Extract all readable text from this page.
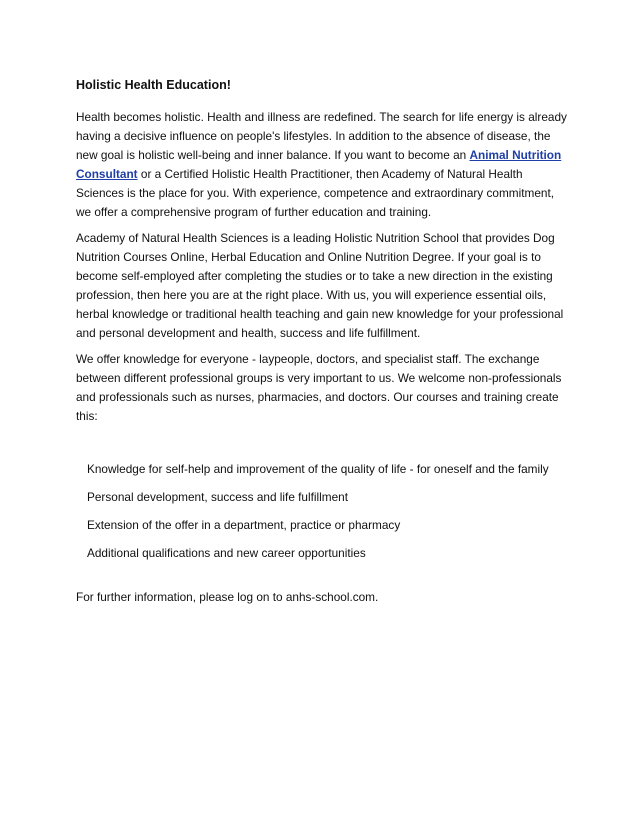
Holistic Health Education!

Health becomes holistic. Health and illness are redefined. The search for life energy is already having a decisive influence on people's lifestyles. In addition to the absence of disease, the new goal is holistic well-being and inner balance. If you want to become an Animal Nutrition Consultant or a Certified Holistic Health Practitioner, then Academy of Natural Health Sciences is the place for you. With experience, competence and extraordinary commitment, we offer a comprehensive program of further education and training.

Academy of Natural Health Sciences is a leading Holistic Nutrition School that provides Dog Nutrition Courses Online, Herbal Education and Online Nutrition Degree. If your goal is to become self-employed after completing the studies or to take a new direction in the existing profession, then here you are at the right place. With us, you will experience essential oils, herbal knowledge or traditional health teaching and gain new knowledge for your professional and personal development and health, success and life fulfillment.

We offer knowledge for everyone - laypeople, doctors, and specialist staff. The exchange between different professional groups is very important to us. We welcome non-professionals and professionals such as nurses, pharmacies, and doctors. Our courses and training create this:

Knowledge for self-help and improvement of the quality of life - for oneself and the family
Personal development, success and life fulfillment
Extension of the offer in a department, practice or pharmacy
Additional qualifications and new career opportunities
For further information, please log on to anhs-school.com.
